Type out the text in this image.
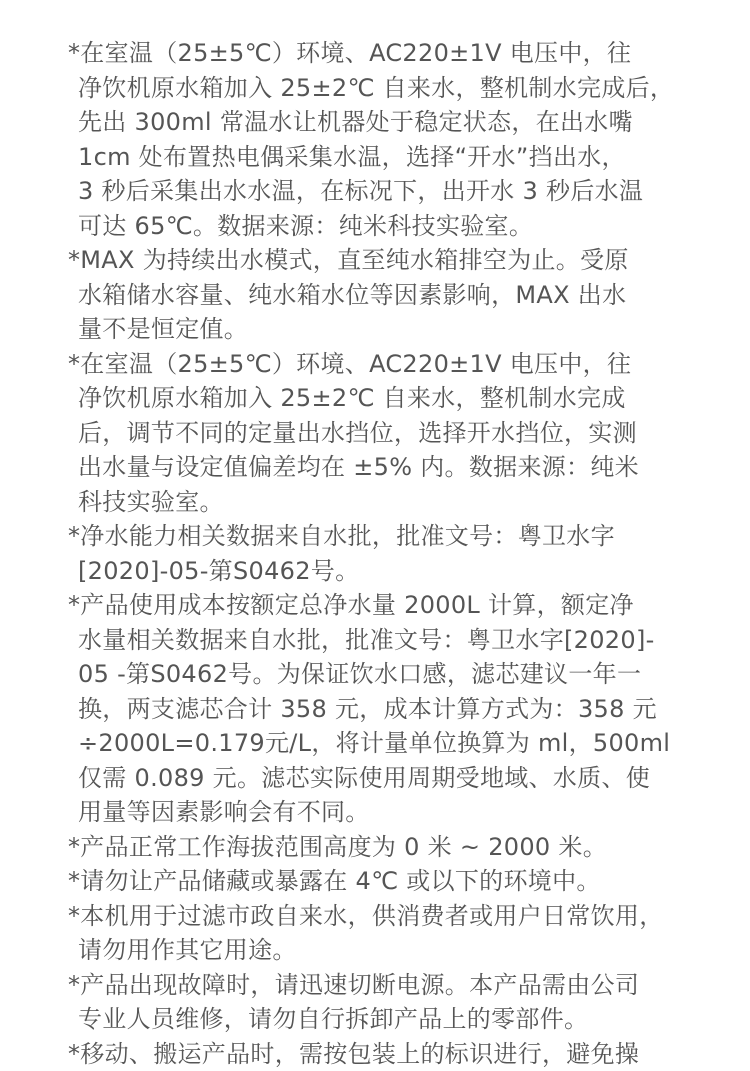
*在室温（25±5℃）环境、AC220±1V 电压中，往
净饮机原水箱加入 25±2℃ 自来水，整机制水完成后，
先出 300ml 常温水让机器处于稳定状态，在出水嘴
1cm 处布置热电偶采集水温，选择“开水”挡出水，
3 秒后采集出水水温，在标况下，出开水 3 秒后水温
可达 65℃。数据来源：纯米科技实验室。

*MAX 为持续出水模式，直至纯水箱排空为止。受原
水箱储水容量、纯水箱水位等因素影响，MAX 出水
量不是恒定值。

*在室温（25±5℃）环境、AC220±1V 电压中，往
净饮机原水箱加入 25±2℃ 自来水，整机制水完成
后，调节不同的定量出水挡位，选择开水挡位，实测
出水量与设定值偏差均在 ±5% 内。数据来源：纯米
科技实验室。

*净水能力相关数据来自水批，批准文号：粤卫水字
[2020]-05-第S0462号。

*产品使用成本按额定总净水量 2000L 计算，额定净
水量相关数据来自水批，批准文号：粤卫水字[2020]-
05 -第S0462号。为保证饮水口感，滤芯建议一年一
换，两支滤芯合计 358 元，成本计算方式为：358 元
÷2000L=0.179元/L，将计量单位换算为 ml，500ml
仅需 0.089 元。滤芯实际使用周期受地域、水质、使
用量等因素影响会有不同。

*产品正常工作海拔范围高度为 0 米 ~ 2000 米。

*请勿让产品储藏或暴露在 4℃ 或以下的环境中。

*本机用于过滤市政自来水，供消费者或用户日常饮用，
请勿用作其它用途。

*产品出现故障时，请迅速切断电源。本产品需由公司
专业人员维修，请勿自行拆卸产品上的零部件。

*移动、搬运产品时，需按包装上的标识进行，避免操
